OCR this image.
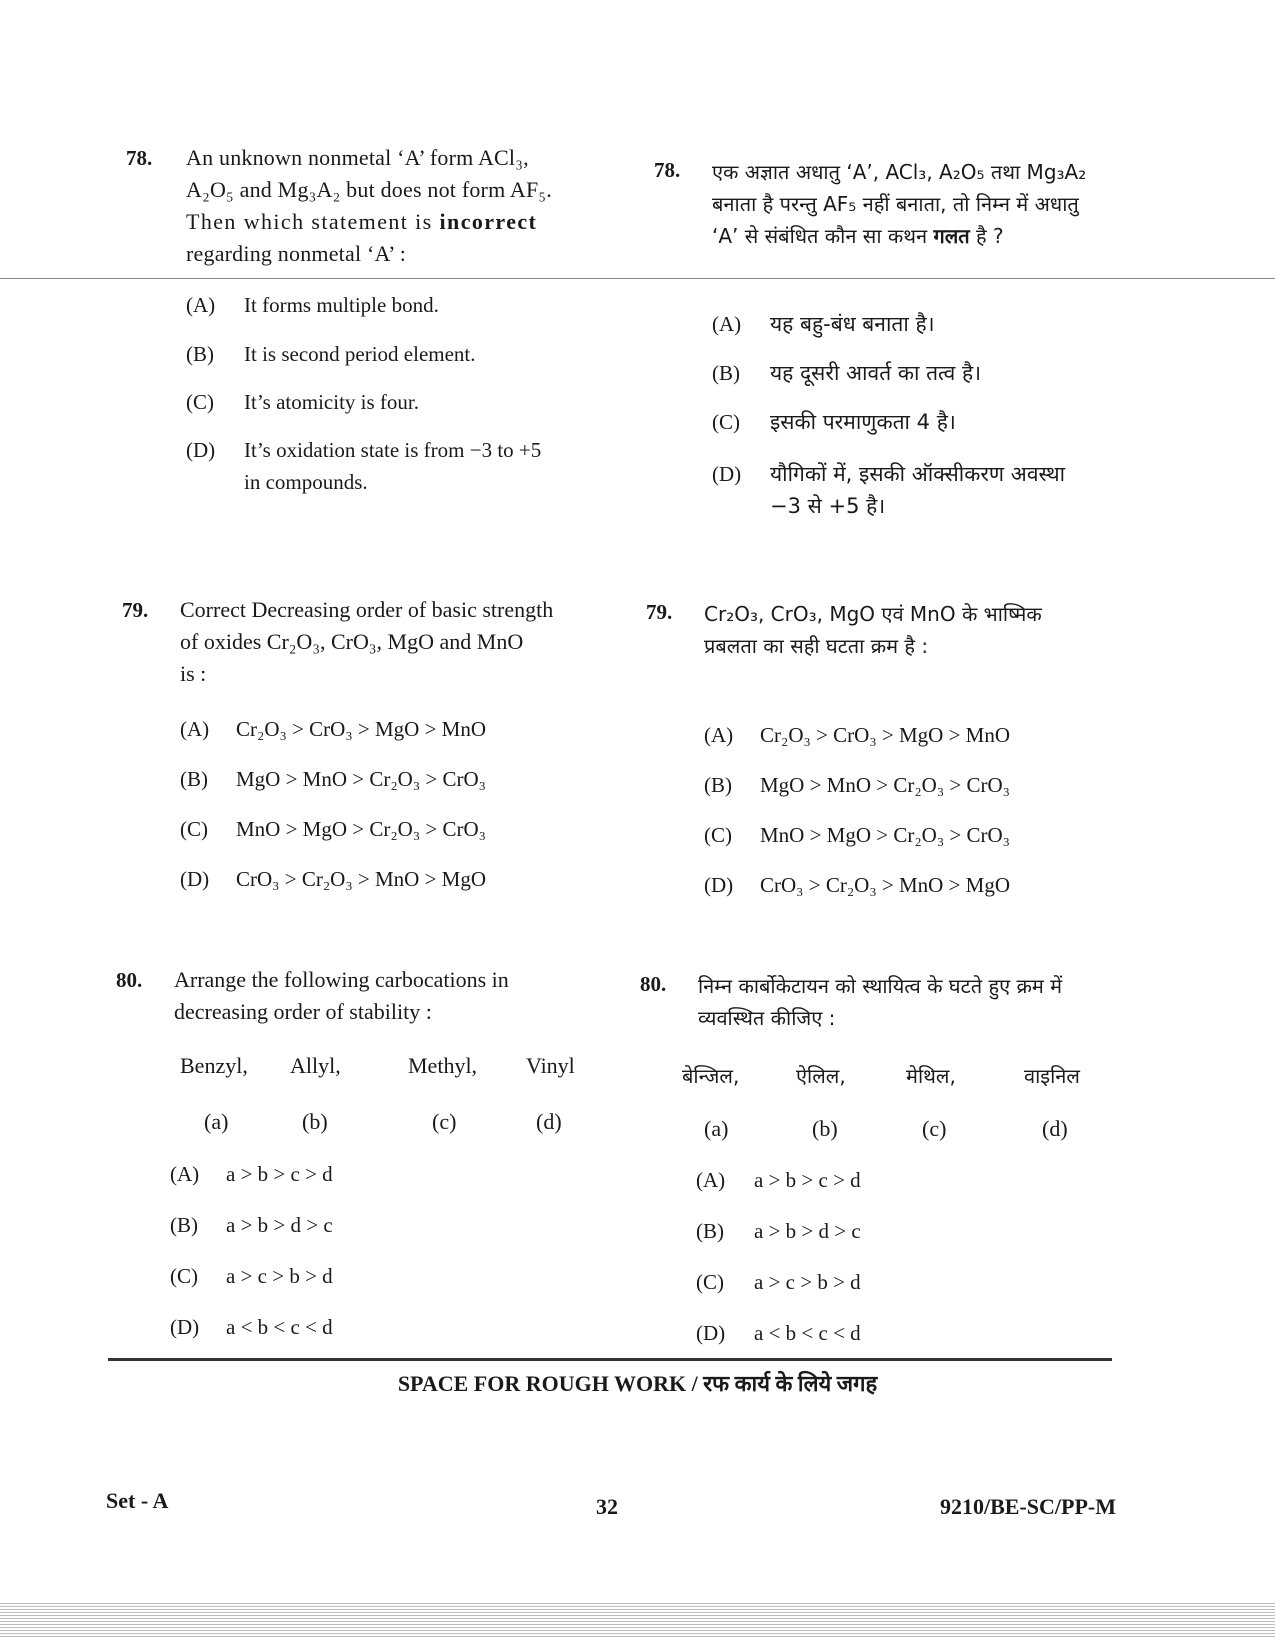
78. An unknown nonmetal ‘A’ form ACl₃,
A₂O₅ and Mg₃A₂ but does not form AF₅.
Then which statement is incorrect
regarding nonmetal ‘A’ :
(A) It forms multiple bond.
(B) It is second period element.
(C) It’s atomicity is four.
(D) It’s oxidation state is from −3 to +5
in compounds.
78. एक अज्ञात अधातु ‘A’, ACl₃, A₂O₅ तथा Mg₃A₂
बनाता है परन्तु AF₅ नहीं बनाता, तो निम्न में अधातु
‘A’ से संबंधित कौन सा कथन गलत है ?
(A) यह बहु-बंध बनाता है।
(B) यह दूसरी आवर्त का तत्व है।
(C) इसकी परमाणुकता 4 है।
(D) यौगिकों में, इसकी ऑक्सीकरण अवस्था
−3 से +5 है।
79. Correct Decreasing order of basic strength
of oxides Cr₂O₃, CrO₃, MgO and MnO
is :
(A) Cr₂O₃ > CrO₃ > MgO > MnO
(B) MgO > MnO > Cr₂O₃ > CrO₃
(C) MnO > MgO > Cr₂O₃ > CrO₃
(D) CrO₃ > Cr₂O₃ > MnO > MgO
79. Cr₂O₃, CrO₃, MgO एवं MnO के भाष्मिक
प्रबलता का सही घटता क्रम है :
(A) Cr₂O₃ > CrO₃ > MgO > MnO
(B) MgO > MnO > Cr₂O₃ > CrO₃
(C) MnO > MgO > Cr₂O₃ > CrO₃
(D) CrO₃ > Cr₂O₃ > MnO > MgO
80. Arrange the following carbocations in
decreasing order of stability :
Benzyl, Allyl,	Methyl, Vinyl
(a)	(b)	(c)	(d)
(A) a > b > c > d
(B) a > b > d > c
(C) a > c > b > d
(D) a < b < c < d
80. निम्न कार्बोकेटायन को स्थायित्व के घटते हुए क्रम में
व्यवस्थित कीजिए :
बेन्जिल,	ऐलिल,	मेथिल,	वाइनिल
(a)	(b)	(c)	(d)
(A) a > b > c > d
(B) a > b > d > c
(C) a > c > b > d
(D) a < b < c < d
SPACE FOR ROUGH WORK / रफ कार्य के लिये जगह
Set - A	32	9210/BE-SC/PP-M
